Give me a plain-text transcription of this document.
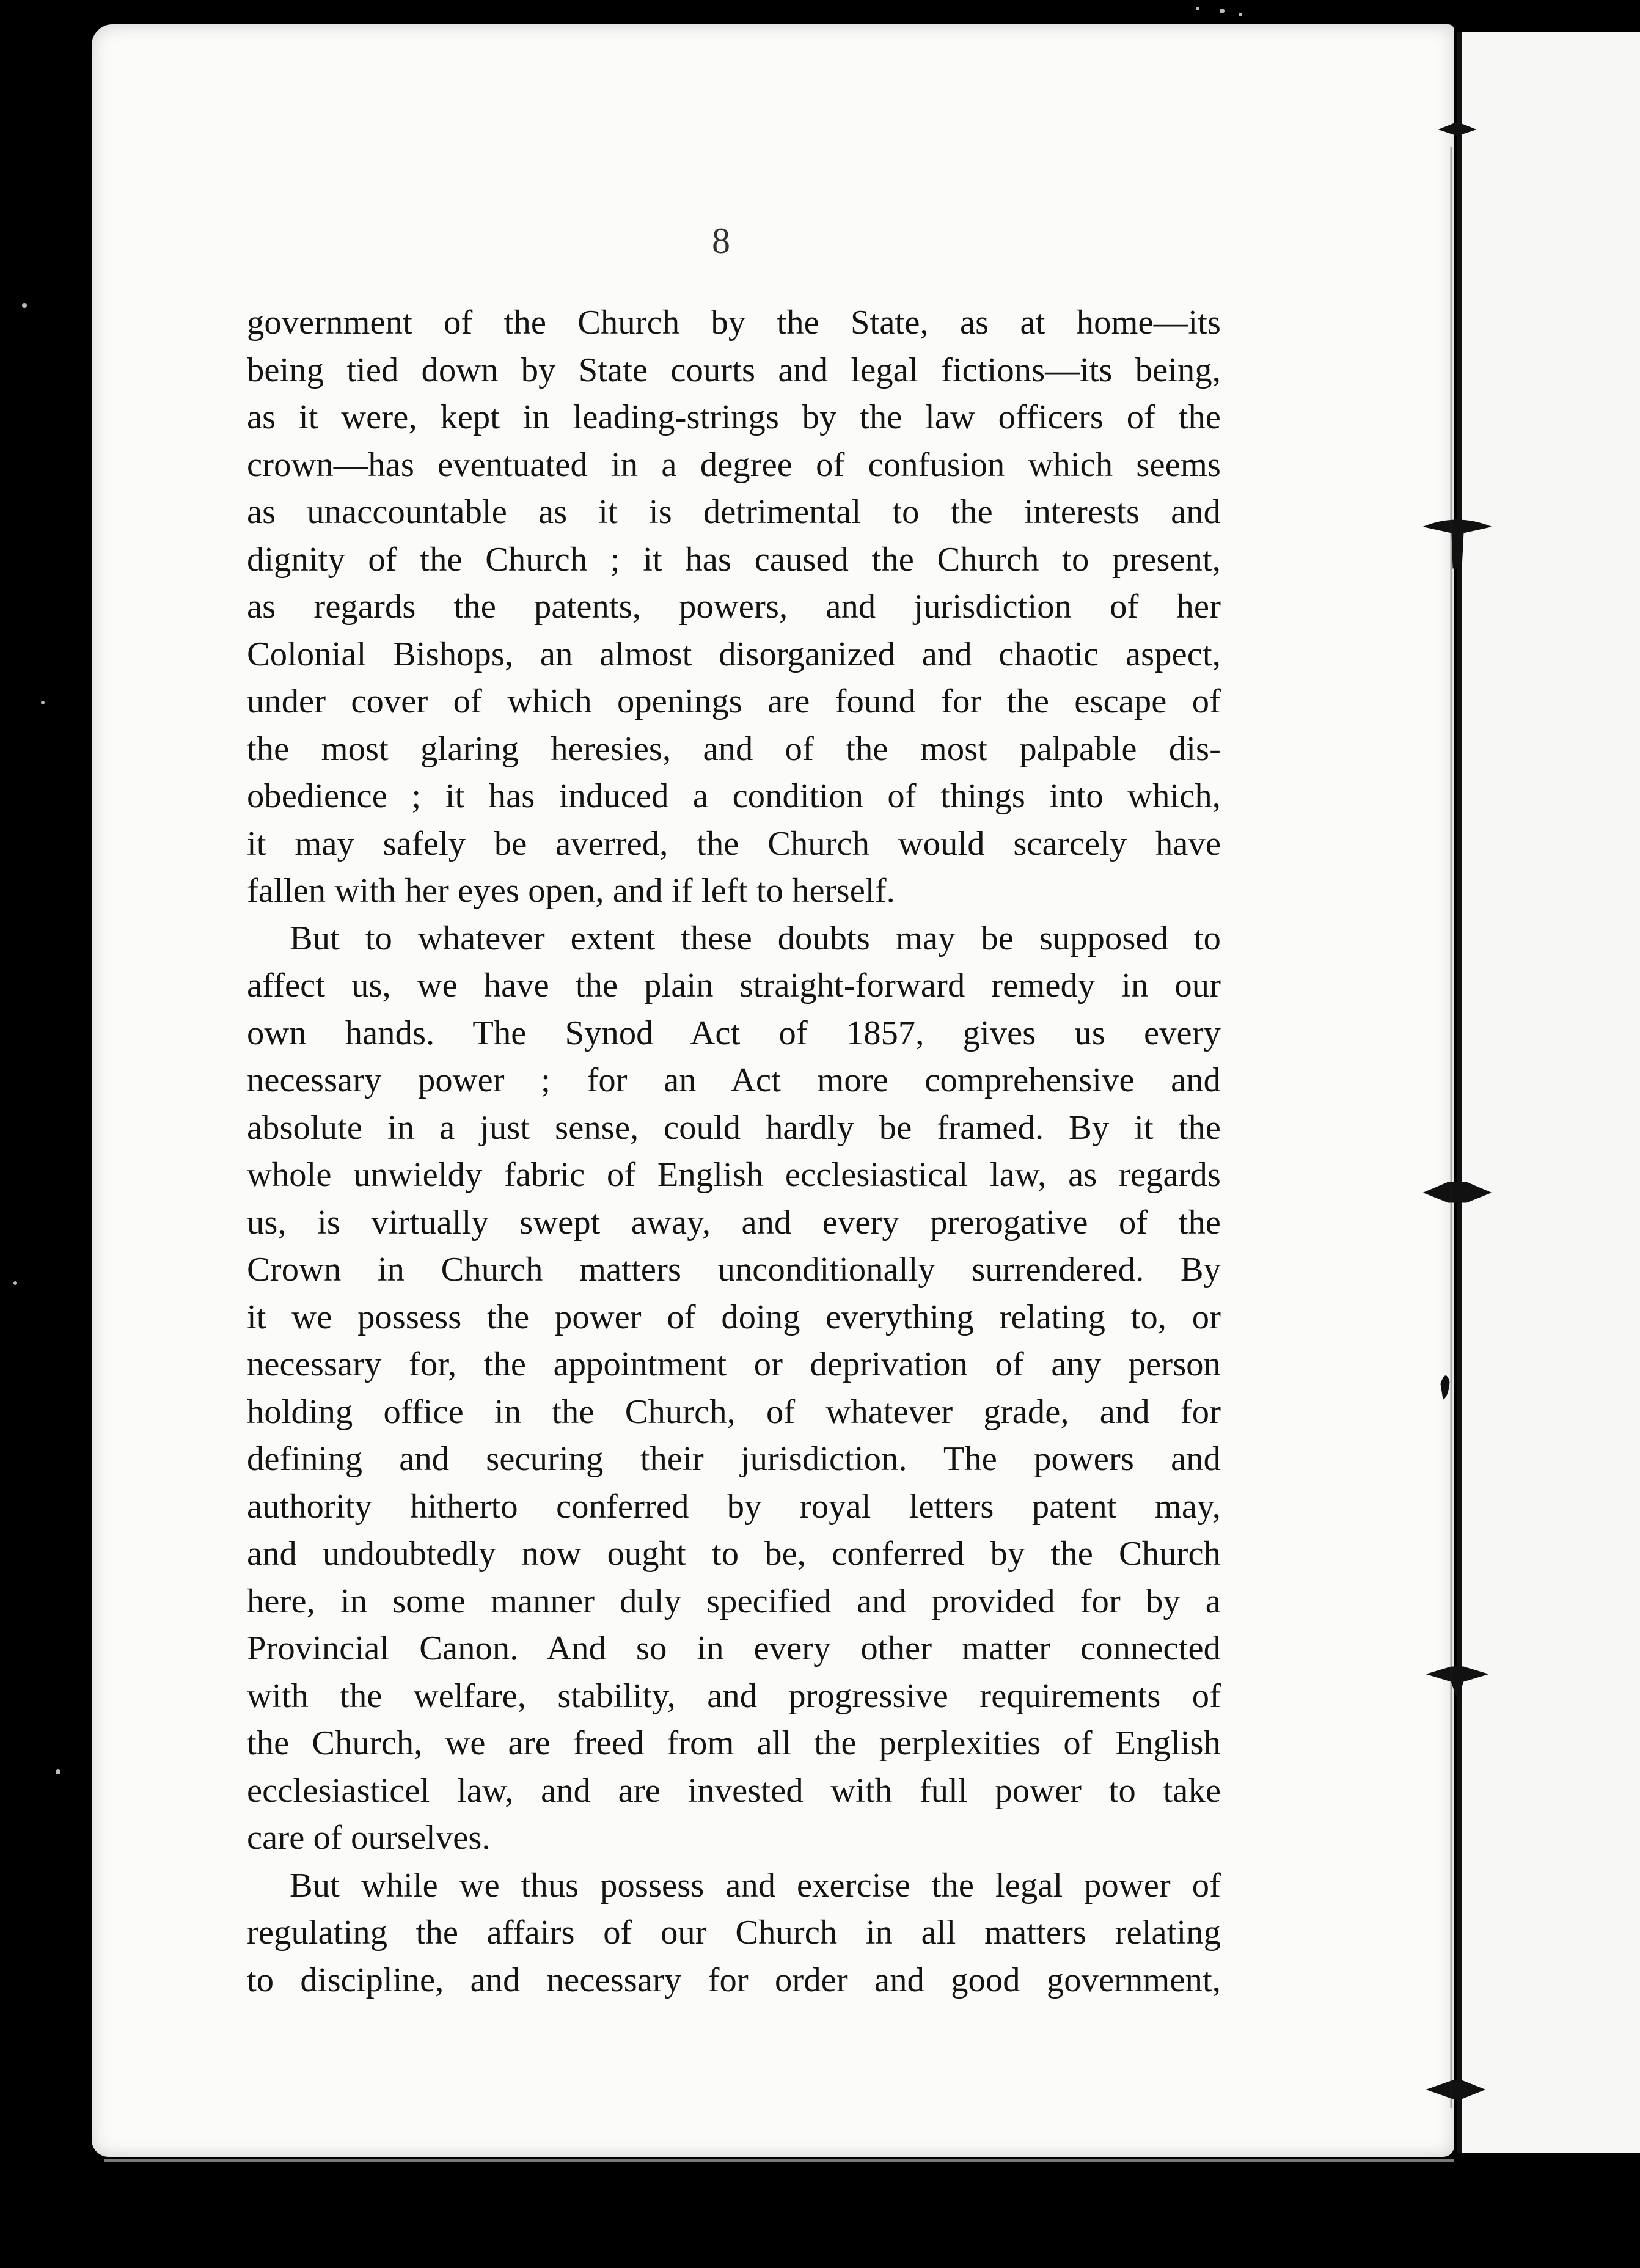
8
government of the Church by the State, as at home—its
being tied down by State courts and legal fictions—its being,
as it were, kept in leading-strings by the law officers of the
crown—has eventuated in a degree of confusion which seems
as unaccountable as it is detrimental to the interests and
dignity of the Church ; it has caused the Church to present,
as regards the patents, powers, and jurisdiction of her
Colonial Bishops, an almost disorganized and chaotic aspect,
under cover of which openings are found for the escape of
the most glaring heresies, and of the most palpable dis-
obedience ; it has induced a condition of things into which,
it may safely be averred, the Church would scarcely have
fallen with her eyes open, and if left to herself.
But to whatever extent these doubts may be supposed to
affect us, we have the plain straight-forward remedy in our
own hands. The Synod Act of 1857, gives us every
necessary power ; for an Act more comprehensive and
absolute in a just sense, could hardly be framed. By it the
whole unwieldy fabric of English ecclesiastical law, as regards
us, is virtually swept away, and every prerogative of the
Crown in Church matters unconditionally surrendered. By
it we possess the power of doing everything relating to, or
necessary for, the appointment or deprivation of any person
holding office in the Church, of whatever grade, and for
defining and securing their jurisdiction. The powers and
authority hitherto conferred by royal letters patent may,
and undoubtedly now ought to be, conferred by the Church
here, in some manner duly specified and provided for by a
Provincial Canon. And so in every other matter connected
with the welfare, stability, and progressive requirements of
the Church, we are freed from all the perplexities of English
ecclesiasticel law, and are invested with full power to take
care of ourselves.
But while we thus possess and exercise the legal power of
regulating the affairs of our Church in all matters relating
to discipline, and necessary for order and good government,
